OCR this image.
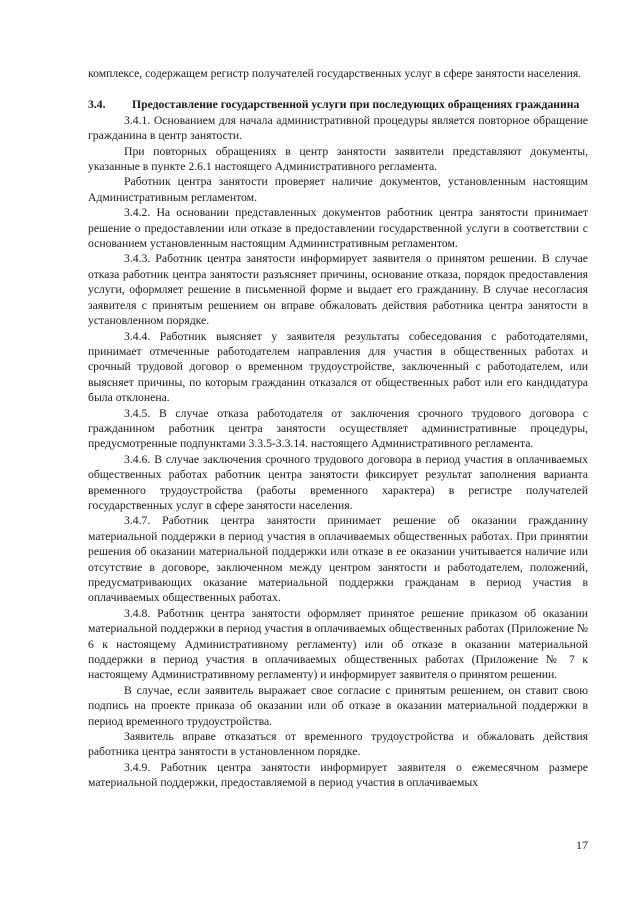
комплексе, содержащем регистр получателей государственных услуг в сфере занятости населения.

3.4. Предоставление государственной услуги при последующих обращениях гражданина

3.4.1. Основанием для начала административной процедуры является повторное обращение гражданина в центр занятости.

При повторных обращениях в центр занятости заявители представляют документы, указанные в пункте 2.6.1 настоящего Административного регламента.

Работник центра занятости проверяет наличие документов, установленным настоящим Административным регламентом.

3.4.2. На основании представленных документов работник центра занятости принимает решение о предоставлении или отказе в предоставлении государственной услуги в соответствии с основанием установленным настоящим Административным регламентом.

3.4.3. Работник центра занятости информирует заявителя о принятом решении. В случае отказа работник центра занятости разъясняет причины, основание отказа, порядок предоставления услуги, оформляет решение в письменной форме и выдает его гражданину. В случае несогласия заявителя с принятым решением он вправе обжаловать действия работника центра занятости в установленном порядке.

3.4.4. Работник выясняет у заявителя результаты собеседования с работодателями, принимает отмеченные работодателем направления для участия в общественных работах и срочный трудовой договор о временном трудоустройстве, заключенный с работодателем, или выясняет причины, по которым гражданин отказался от общественных работ или его кандидатура была отклонена.

3.4.5. В случае отказа работодателя от заключения срочного трудового договора с гражданином работник центра занятости осуществляет административные процедуры, предусмотренные подпунктами 3.3.5-3.3.14. настоящего Административного регламента.

3.4.6. В случае заключения срочного трудового договора в период участия в оплачиваемых общественных работах работник центра занятости фиксирует результат заполнения варианта временного трудоустройства (работы временного характера) в регистре получателей государственных услуг в сфере занятости населения.

3.4.7. Работник центра занятости принимает решение об оказании гражданину материальной поддержки в период участия в оплачиваемых общественных работах. При принятии решения об оказании материальной поддержки или отказе в ее оказании учитывается наличие или отсутствие в договоре, заключенном между центром занятости и работодателем, положений, предусматривающих оказание материальной поддержки гражданам в период участия в оплачиваемых общественных работах.

3.4.8. Работник центра занятости оформляет принятое решение приказом об оказании материальной поддержки в период участия в оплачиваемых общественных работах (Приложение № 6 к настоящему Административному регламенту) или об отказе в оказании материальной поддержки в период участия в оплачиваемых общественных работах (Приложение № 7 к настоящему Административному регламенту) и информирует заявителя о принятом решении.

В случае, если заявитель выражает свое согласие с принятым решением, он ставит свою подпись на проекте приказа об оказании или об отказе в оказании материальной поддержки в период временного трудоустройства.

Заявитель вправе отказаться от временного трудоустройства и обжаловать действия работника центра занятости в установленном порядке.

3.4.9. Работник центра занятости информирует заявителя о ежемесячном размере материальной поддержки, предоставляемой в период участия в оплачиваемых

17
